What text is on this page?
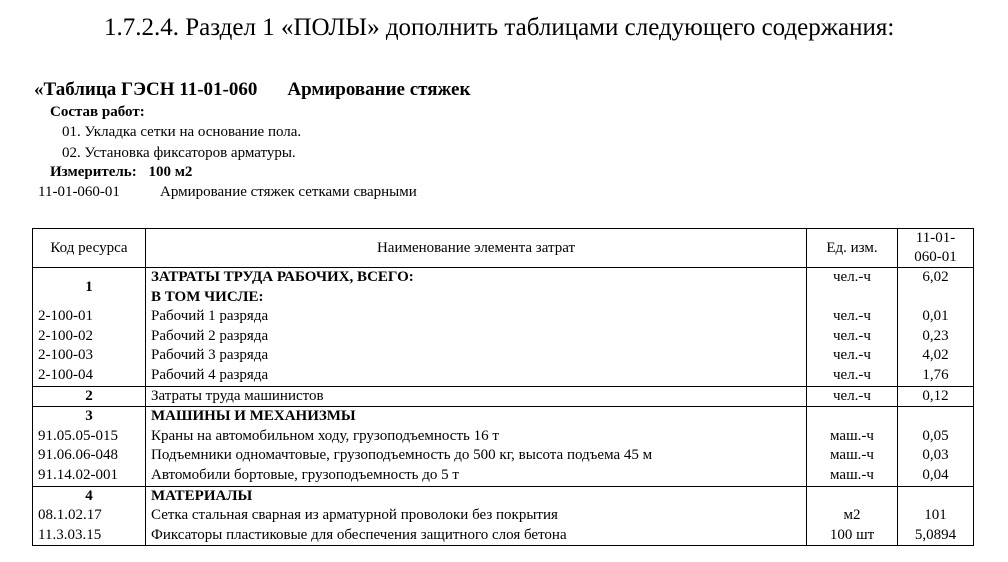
1.7.2.4. Раздел 1 «ПОЛЫ» дополнить таблицами следующего содержания:
«Таблица ГЭСН 11-01-060 Армирование стяжек
Состав работ:
01. Укладка сетки на основание пола.
02. Установка фиксаторов арматуры.
Измеритель: 100 м2
11-01-060-01	Армирование стяжек сетками сварными
Код ресурса	Наименование элемента затрат	Ед. изм.	11-01-
060-01
1	ЗАТРАТЫ ТРУДА РАБОЧИХ, ВСЕГО:	чел.-ч	6,02
	В ТОМ ЧИСЛЕ:		
2-100-01	Рабочий 1 разряда	чел.-ч	0,01
2-100-02	Рабочий 2 разряда	чел.-ч	0,23
2-100-03	Рабочий 3 разряда	чел.-ч	4,02
2-100-04	Рабочий 4 разряда	чел.-ч	1,76
2	Затраты труда машинистов	чел.-ч	0,12
3	МАШИНЫ И МЕХАНИЗМЫ		
91.05.05-015	Краны на автомобильном ходу, грузоподъемность 16 т	маш.-ч	0,05
91.06.06-048	Подъемники одномачтовые, грузоподъемность до 500 кг, высота подъема 45 м	маш.-ч	0,03
91.14.02-001	Автомобили бортовые, грузоподъемность до 5 т	маш.-ч	0,04
4	МАТЕРИАЛЫ		
08.1.02.17	Сетка стальная сварная из арматурной проволоки без покрытия	м2	101
11.3.03.15	Фиксаторы пластиковые для обеспечения защитного слоя бетона	100 шт	5,0894
